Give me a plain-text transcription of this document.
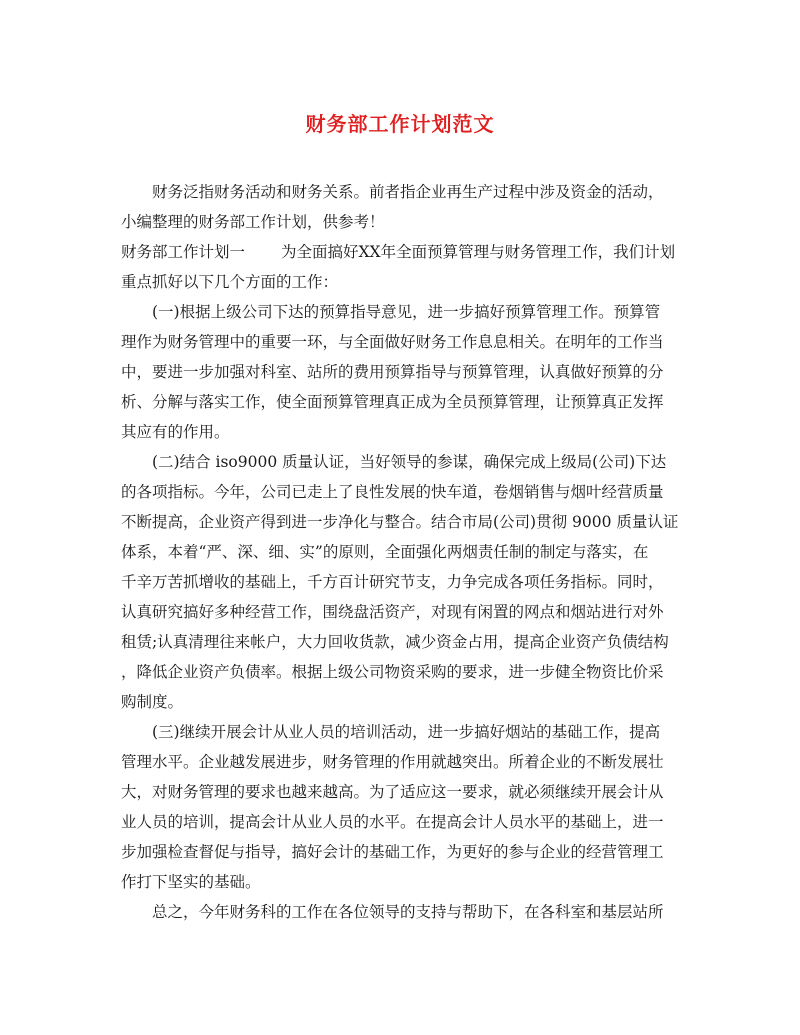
财务部工作计划范文
财务泛指财务活动和财务关系。前者指企业再生产过程中涉及资金的活动，
小编整理的财务部工作计划，供参考！
财务部工作计划一 为全面搞好XX年全面预算管理与财务管理工作，我们计划
重点抓好以下几个方面的工作：
(一)根据上级公司下达的预算指导意见，进一步搞好预算管理工作。预算管
理作为财务管理中的重要一环，与全面做好财务工作息息相关。在明年的工作当
中，要进一步加强对科室、站所的费用预算指导与预算管理，认真做好预算的分
析、分解与落实工作，使全面预算管理真正成为全员预算管理，让预算真正发挥
其应有的作用。
(二)结合 iso9000 质量认证，当好领导的参谋，确保完成上级局(公司)下达
的各项指标。今年，公司已走上了良性发展的快车道，卷烟销售与烟叶经营质量
不断提高，企业资产得到进一步净化与整合。结合市局(公司)贯彻 9000 质量认证
体系，本着“严、深、细、实”的原则，全面强化两烟责任制的制定与落实，在
千辛万苦抓增收的基础上，千方百计研究节支，力争完成各项任务指标。同时，
认真研究搞好多种经营工作，围绕盘活资产，对现有闲置的网点和烟站进行对外
租赁;认真清理往来帐户，大力回收货款，减少资金占用，提高企业资产负债结构
，降低企业资产负债率。根据上级公司物资采购的要求，进一步健全物资比价采
购制度。
(三)继续开展会计从业人员的培训活动，进一步搞好烟站的基础工作，提高
管理水平。企业越发展进步，财务管理的作用就越突出。所着企业的不断发展壮
大，对财务管理的要求也越来越高。为了适应这一要求，就必须继续开展会计从
业人员的培训，提高会计从业人员的水平。在提高会计人员水平的基础上，进一
步加强检查督促与指导，搞好会计的基础工作，为更好的参与企业的经营管理工
作打下坚实的基础。
总之，今年财务科的工作在各位领导的支持与帮助下，在各科室和基层站所
